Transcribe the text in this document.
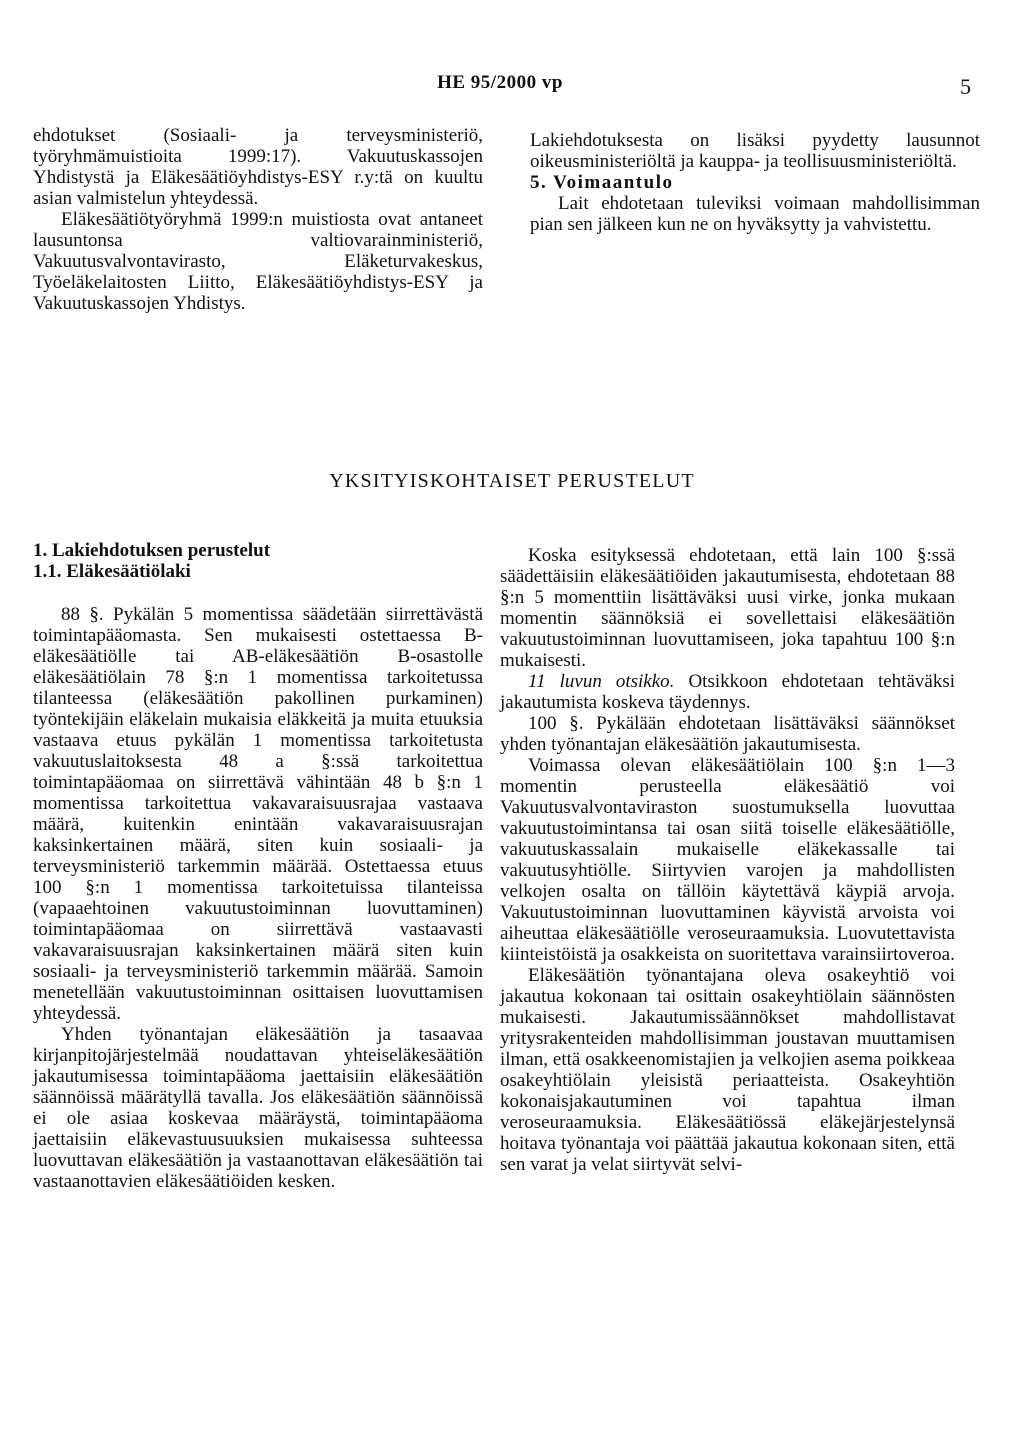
HE 95/2000 vp	5

ehdotukset (Sosiaali- ja terveysministeriö, työryhmämuistioita 1999:17). Vakuutuskassojen Yhdistystä ja Eläkesäätiöyhdistys-ESY r.y:tä on kuultu asian valmistelun yhteydessä.

Eläkesäätiötyöryhmä 1999:n muistiosta ovat antaneet lausuntonsa valtiovarainministeriö, Vakuutusvalvontavirasto, Eläketurvakeskus, Työeläkelaitosten Liitto, Eläkesäätiöyhdistys-ESY ja Vakuutuskassojen Yhdistys.

Lakiehdotuksesta on lisäksi pyydetty lausunnot oikeusministeriöltä ja kauppa- ja teollisuusministeriöltä.

5. Voimaantulo

Lait ehdotetaan tuleviksi voimaan mahdollisimman pian sen jälkeen kun ne on hyväksytty ja vahvistettu.

YKSITYISKOHTAISET PERUSTELUT

1. Lakiehdotuksen perustelut

1.1. Eläkesäätiölaki

88 §. Pykälän 5 momentissa säädetään siirrettävästä toimintapääomasta. Sen mukaisesti ostettaessa B-eläkesäätiölle tai AB-eläkesäätiön B-osastolle eläkesäätiölain 78 §:n 1 momentissa tarkoitetussa tilanteessa (eläkesäätiön pakollinen purkaminen) työntekijäin eläkelain mukaisia eläkkeitä ja muita etuuksia vastaava etuus pykälän 1 momentissa tarkoitetusta vakuutuslaitoksesta 48 a §:ssä tarkoitettua toimintapääomaa on siirrettävä vähintään 48 b §:n 1 momentissa tarkoitettua vakavaraisuusrajaa vastaava määrä, kuitenkin enintään vakavaraisuusrajan kaksinkertainen määrä, siten kuin sosiaali- ja terveysministeriö tarkemmin määrää. Ostettaessa etuus 100 §:n 1 momentissa tarkoitetuissa tilanteissa (vapaaehtoinen vakuutustoiminnan luovuttaminen) toimintapääomaa on siirrettävä vastaavasti vakavaraisuusrajan kaksinkertainen määrä siten kuin sosiaali- ja terveysministeriö tarkemmin määrää. Samoin menetellään vakuutustoiminnan osittaisen luovuttamisen yhteydessä.

Yhden työnantajan eläkesäätiön ja tasaavaa kirjanpitojärjestelmää noudattavan yhteiseläkesäätiön jakautumisessa toimintapääoma jaettaisiin eläkesäätiön säännöissä määrätyllä tavalla. Jos eläkesäätiön säännöissä ei ole asiaa koskevaa määräystä, toimintapääoma jaettaisiin eläkevastuusuuksien mukaisessa suhteessa luovuttavan eläkesäätiön ja vastaanottavan eläkesäätiön tai vastaanottavien eläkesäätiöiden kesken.

Koska esityksessä ehdotetaan, että lain 100 §:ssä säädettäisiin eläkesäätiöiden jakautumisesta, ehdotetaan 88 §:n 5 momenttiin lisättäväksi uusi virke, jonka mukaan momentin säännöksiä ei sovellettaisi eläkesäätiön vakuutustoiminnan luovuttamiseen, joka tapahtuu 100 §:n mukaisesti.

11 luvun otsikko. Otsikkoon ehdotetaan tehtäväksi jakautumista koskeva täydennys.

100 §. Pykälään ehdotetaan lisättäväksi säännökset yhden työnantajan eläkesäätiön jakautumisesta.

Voimassa olevan eläkesäätiölain 100 §:n 1—3 momentin perusteella eläkesäätiö voi Vakuutusvalvontaviraston suostumuksella luovuttaa vakuutustoimintansa tai osan siitä toiselle eläkesäätiölle, vakuutuskassalain mukaiselle eläkekassalle tai vakuutusyhtiölle. Siirtyvien varojen ja mahdollisten velkojen osalta on tällöin käytettävä käypiä arvoja. Vakuutustoiminnan luovuttaminen käyvistä arvoista voi aiheuttaa eläkesäätiölle veroseuraamuksia. Luovutettavista kiinteistöistä ja osakkeista on suoritettava varainsiirtoveroa.

Eläkesäätiön työnantajana oleva osakeyhtiö voi jakautua kokonaan tai osittain osakeyhtiölain säännösten mukaisesti. Jakautumissäännökset mahdollistavat yritysrakenteiden mahdollisimman joustavan muuttamisen ilman, että osakkeenomistajien ja velkojien asema poikkeaa osakeyhtiölain yleisistä periaatteista. Osakeyhtiön kokonaisjakautuminen voi tapahtua ilman veroseuraamuksia. Eläkesäätiössä eläkejärjestelynsä hoitava työnantaja voi päättää jakautua kokonaan siten, että sen varat ja velat siirtyvät selvi-
